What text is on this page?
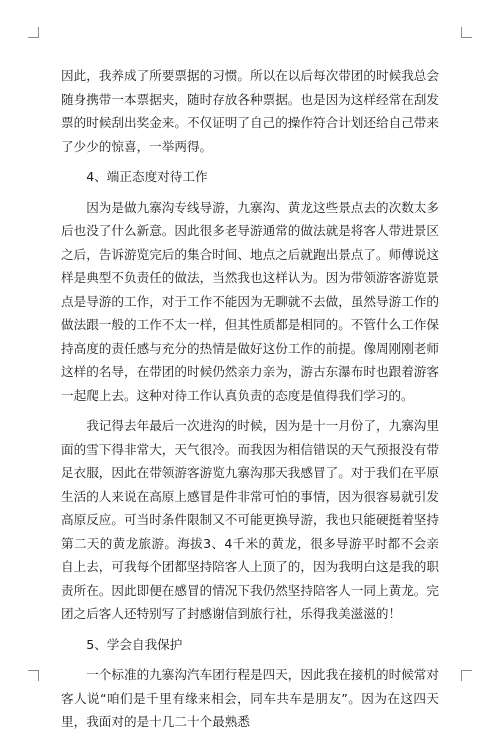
因此，我养成了所要票据的习惯。所以在以后每次带团的时候我总会随身携带一本票据夹，随时存放各种票据。也是因为这样经常在刮发票的时候刮出奖金来。不仅证明了自己的操作符合计划还给自己带来了少少的惊喜，一举两得。

4、端正态度对待工作

因为是做九寨沟专线导游，九寨沟、黄龙这些景点去的次数太多后也没了什么新意。因此很多老导游通常的做法就是将客人带进景区之后，告诉游览完后的集合时间、地点之后就跑出景点了。师傅说这样是典型不负责任的做法，当然我也这样认为。因为带领游客游览景点是导游的工作，对于工作不能因为无聊就不去做，虽然导游工作的做法跟一般的工作不太一样，但其性质都是相同的。不管什么工作保持高度的责任感与充分的热情是做好这份工作的前提。像周刚刚老师这样的名导，在带团的时候仍然亲力亲为，游古东瀑布时也跟着游客一起爬上去。这种对待工作认真负责的态度是值得我们学习的。

我记得去年最后一次进沟的时候，因为是十一月份了，九寨沟里面的雪下得非常大，天气很冷。而我因为相信错误的天气预报没有带足衣服，因此在带领游客游览九寨沟那天我感冒了。对于我们在平原生活的人来说在高原上感冒是件非常可怕的事情，因为很容易就引发高原反应。可当时条件限制又不可能更换导游，我也只能硬挺着坚持第二天的黄龙旅游。海拔3、4千米的黄龙，很多导游平时都不会亲自上去，可我每个团都坚持陪客人上顶了的，因为我明白这是我的职责所在。因此即便在感冒的情况下我仍然坚持陪客人一同上黄龙。完团之后客人还特别写了封感谢信到旅行社，乐得我美滋滋的！

5、学会自我保护

一个标准的九寨沟汽车团行程是四天，因此我在接机的时候常对客人说“咱们是千里有缘来相会，同车共车是朋友”。因为在这四天里，我面对的是十几二十个最熟悉
